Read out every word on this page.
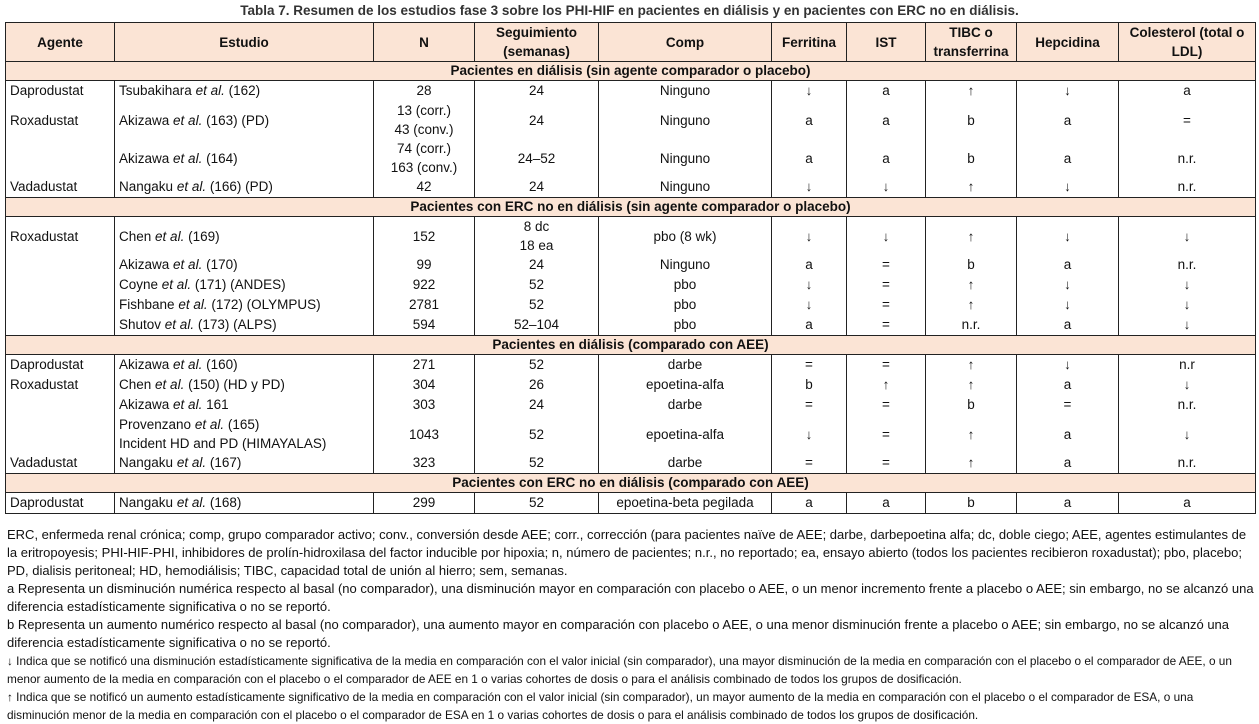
Tabla 7. Resumen de los estudios fase 3 sobre los PHI-HIF en pacientes en diálisis y en pacientes con ERC no en diálisis.
Agente	Estudio	N	Seguimiento (semanas)	Comp	Ferritina	IST	TIBC o transferrina	Hepcidina	Colesterol (total o LDL)
Pacientes en diálisis (sin agente comparador o placebo)									
Daprodustat	Tsubakihara et al. (162)	28	24	Ninguno	↓	a	↑	↓	a
Roxadustat	Akizawa et al. (163) (PD)	13 (corr.)
43 (conv.)	24	Ninguno	a	a	b	a	=

	Akizawa et al. (164)	74 (corr.)
163 (conv.)	24–52	Ninguno	a	a	b	a	n.r.
Vadadustat	Nangaku et al. (166) (PD)	42	24	Ninguno	↓	↓	↑	↓	n.r.
Pacientes con ERC no en diálisis (sin agente comparador o placebo)									
Roxadustat	Chen et al. (169)	152	8 dc
18 ea	pbo (8 wk)	↓	↓	↑	↓	↓

	Akizawa et al. (170)	99	24	Ninguno	a	=	b	a	n.r.

	Coyne et al. (171) (ANDES)	922	52	pbo	↓	=	↑	↓	↓

	Fishbane et al. (172) (OLYMPUS)	2781	52	pbo	↓	=	↑	↓	↓

	Shutov et al. (173) (ALPS)	594	52–104	pbo	a	=	n.r.	a	↓
Pacientes en diálisis (comparado con AEE)									
Daprodustat	Akizawa et al. (160)	271	52	darbe	=	=	↑	↓	n.r
Roxadustat	Chen et al. (150) (HD y PD)	304	26	epoetina-alfa	b	↑	↑	a	↓

	Akizawa et al. 161	303	24	darbe	=	=	b	=	n.r.

	Provenzano et al. (165)
Incident HD and PD (HIMAYALAS)	1043	52	epoetina-alfa	↓	=	↑	a	↓
Vadadustat	Nangaku et al. (167)	323	52	darbe	=	=	↑	a	n.r.
Pacientes con ERC no en diálisis (comparado con AEE)									
Daprodustat	Nangaku et al. (168)	299	52	epoetina-beta pegilada	a	a	b	a	a

ERC, enfermeda renal crónica; comp, grupo comparador activo; conv., conversión desde AEE; corr., corrección (para pacientes naïve de AEE; darbe, darbepoetina alfa; dc, doble ciego; AEE, agentes estimulantes de la eritropoyesis; PHI-HIF-PHI, inhibidores de prolín-hidroxilasa del factor inducible por hipoxia; n, número de pacientes; n.r., no reportado; ea, ensayo abierto (todos los pacientes recibieron roxadustat); pbo, placebo; PD, dialisis peritoneal; HD, hemodiálisis; TIBC, capacidad total de unión al hierro; sem, semanas.

a Representa un disminución numérica respecto al basal (no comparador), una disminución mayor en comparación con placebo o AEE, o un menor incremento frente a placebo o AEE; sin embargo, no se alcanzó una diferencia estadísticamente significativa o no se reportó.

b Representa un aumento numérico respecto al basal (no comparador), una aumento mayor en comparación con placebo o AEE, o una menor disminución frente a placebo o AEE; sin embargo, no se alcanzó una diferencia estadísticamente significativa o no se reportó.

↓ Indica que se notificó una disminución estadísticamente significativa de la media en comparación con el valor inicial (sin comparador), una mayor disminución de la media en comparación con el placebo o el comparador de AEE, o un menor aumento de la media en comparación con el placebo o el comparador de AEE en 1 o varias cohortes de dosis o para el análisis combinado de todos los grupos de dosificación.

↑ Indica que se notificó un aumento estadísticamente significativo de la media en comparación con el valor inicial (sin comparador), un mayor aumento de la media en comparación con el placebo o el comparador de ESA, o una disminución menor de la media en comparación con el placebo o el comparador de ESA en 1 o varias cohortes de dosis o para el análisis combinado de todos los grupos de dosificación.
